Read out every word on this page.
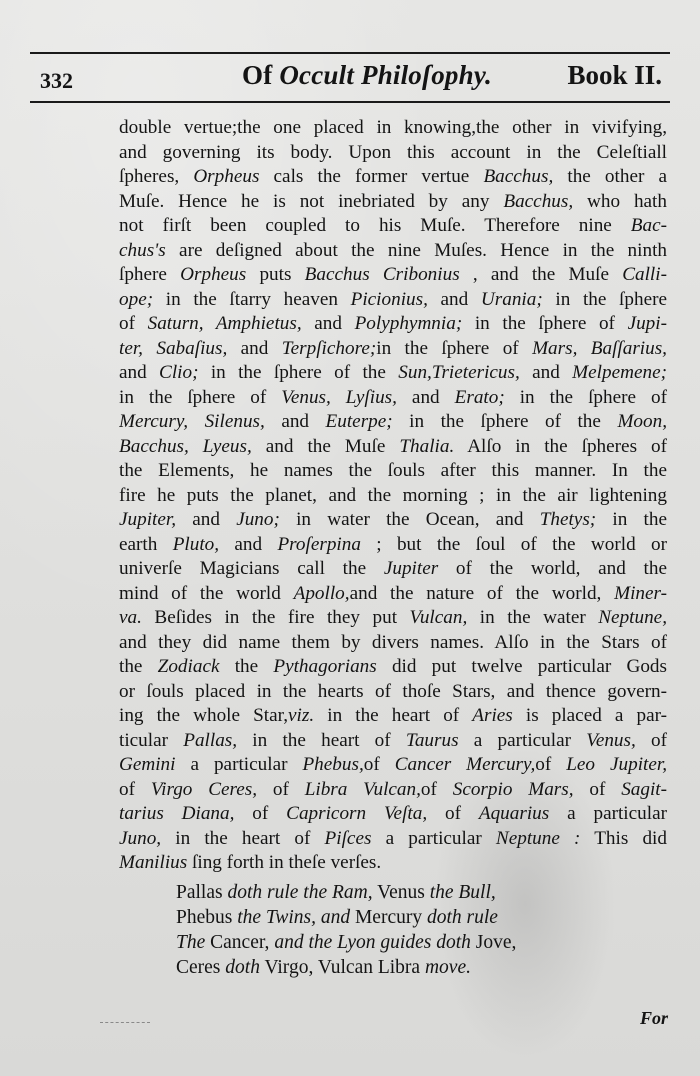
332	Of Occult Philoſophy.	Book II.
double vertue;the one placed in knowing,the other in vivifying,
and governing its body. Upon this account in the Celeſtiall
ſpheres, Orpheus cals the former vertue Bacchus, the other a
Muſe. Hence he is not inebriated by any Bacchus, who hath
not firſt been coupled to his Muſe. Therefore nine Bac-
chus's are deſigned about the nine Muſes. Hence in the ninth
ſphere Orpheus puts Bacchus Cribonius , and the Muſe Calli-
ope; in the ſtarry heaven Picionius, and Urania; in the ſphere
of Saturn, Amphietus, and Polyphymnia; in the ſphere of Jupi-
ter, Sabaſius, and Terpſichore;in the ſphere of Mars, Baſſarius,
and Clio; in the ſphere of the Sun,Trietericus, and Melpemene;
in the ſphere of Venus, Lyſius, and Erato; in the ſphere of
Mercury, Silenus, and Euterpe; in the ſphere of the Moon,
Bacchus, Lyeus, and the Muſe Thalia. Alſo in the ſpheres of
the Elements, he names the ſouls after this manner. In the
fire he puts the planet, and the morning ; in the air lightening
Jupiter, and Juno; in water the Ocean, and Thetys; in the
earth Pluto, and Proſerpina ; but the ſoul of the world or
univerſe Magicians call the Jupiter of the world, and the
mind of the world Apollo,and the nature of the world, Miner-
va. Beſides in the fire they put Vulcan, in the water Neptune,
and they did name them by divers names. Alſo in the Stars of
the Zodiack the Pythagorians did put twelve particular Gods
or ſouls placed in the hearts of thoſe Stars, and thence govern-
ing the whole Star,viz. in the heart of Aries is placed a par-
ticular Pallas, in the heart of Taurus a particular Venus, of
Gemini a particular Phebus,of Cancer Mercury,of Leo Jupiter,
of Virgo Ceres, of Libra Vulcan,of Scorpio Mars, of Sagit-
tarius Diana, of Capricorn Veſta, of Aquarius a particular
Juno, in the heart of Piſces a particular Neptune : This did
Manilius ſing forth in theſe verſes.
Pallas doth rule the Ram, Venus the Bull,
Phebus the Twins, and Mercury doth rule
The Cancer, and the Lyon guides doth Jove,
Ceres doth Virgo, Vulcan Libra move.
For
